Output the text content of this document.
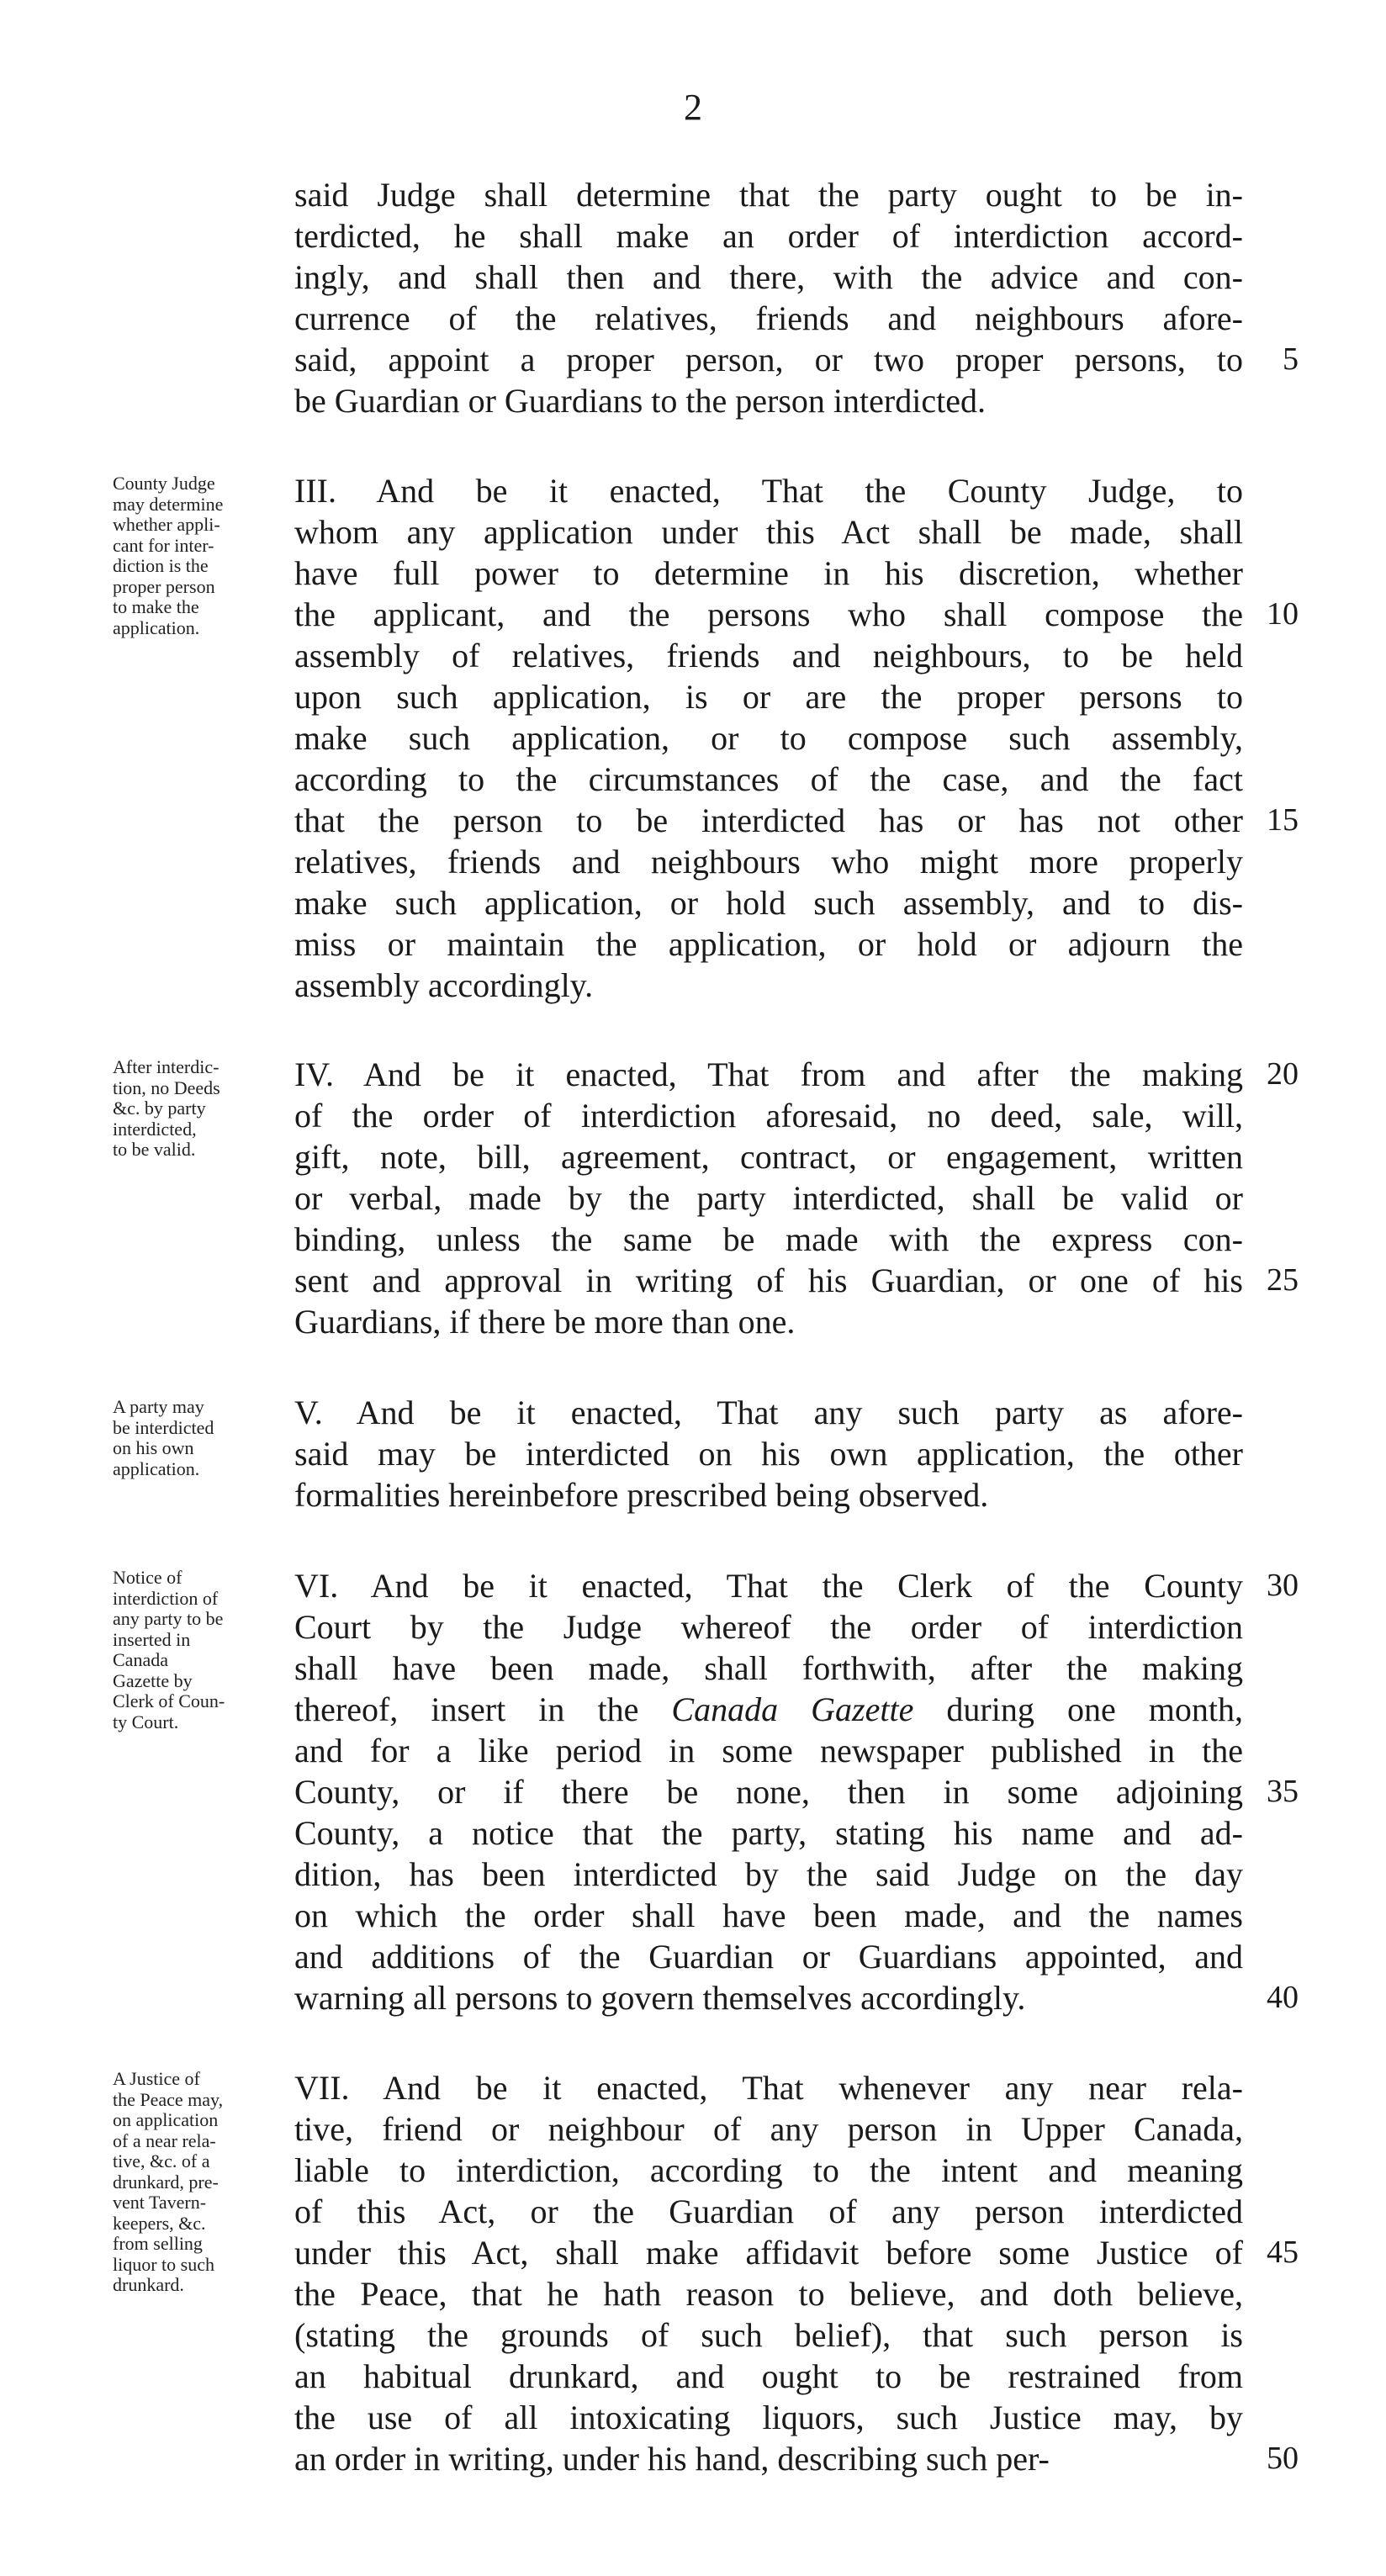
2
said Judge shall determine that the party ought to be in-
terdicted, he shall make an order of interdiction accord-
ingly, and shall then and there, with the advice and con-
currence of the relatives, friends and neighbours afore-
said, appoint a proper person, or two proper persons, to	5
be Guardian or Guardians to the person interdicted.
III. And be it enacted, That the County Judge, to
whom any application under this Act shall be made, shall
have full power to determine in his discretion, whether
the applicant, and the persons who shall compose the 10
assembly of relatives, friends and neighbours, to be held
upon such application, is or are the proper persons to
make such application, or to compose such assembly,
according to the circumstances of the case, and the fact
that the person to be interdicted has or has not other 15
relatives, friends and neighbours who might more properly
make such application, or hold such assembly, and to dis-
miss or maintain the application, or hold or adjourn the
assembly accordingly.
IV. And be it enacted, That from and after the making 20
of the order of interdiction aforesaid, no deed, sale, will,
gift, note, bill, agreement, contract, or engagement, written
or verbal, made by the party interdicted, shall be valid or
binding, unless the same be made with the express con-
sent and approval in writing of his Guardian, or one of his 25
Guardians, if there be more than one.
V. And be it enacted, That any such party as afore-
said may be interdicted on his own application, the other
formalities hereinbefore prescribed being observed.
VI. And be it enacted, That the Clerk of the County 30
Court by the Judge whereof the order of interdiction
shall have been made, shall forthwith, after the making
thereof, insert in the Canada Gazette during one month,
and for a like period in some newspaper published in the
County, or if there be none, then in some adjoining 35
County, a notice that the party, stating his name and ad-
dition, has been interdicted by the said Judge on the day
on which the order shall have been made, and the names
and additions of the Guardian or Guardians appointed, and
warning all persons to govern themselves accordingly.	40
VII. And be it enacted, That whenever any near rela-
tive, friend or neighbour of any person in Upper Canada,
liable to interdiction, according to the intent and meaning
of this Act, or the Guardian of any person interdicted
under this Act, shall make affidavit before some Justice of 45
the Peace, that he hath reason to believe, and doth believe,
(stating the grounds of such belief), that such person is
an habitual drunkard, and ought to be restrained from
the use of all intoxicating liquors, such Justice may, by
an order in writing, under his hand, describing such per-	50
County Judge
may determine
whether appli-
cant for inter-
diction is the
proper person
to make the
application.
After interdic-
tion, no Deeds
&c. by party
interdicted,
to be valid.
A party may
be interdicted
on his own
application.
Notice of
interdiction of
any party to be
inserted in
Canada
Gazette by
Clerk of Coun-
ty Court.
A Justice of
the Peace may,
on application
of a near rela-
tive, &c. of a
drunkard, pre-
vent Tavern-
keepers, &c.
from selling
liquor to such
drunkard.
